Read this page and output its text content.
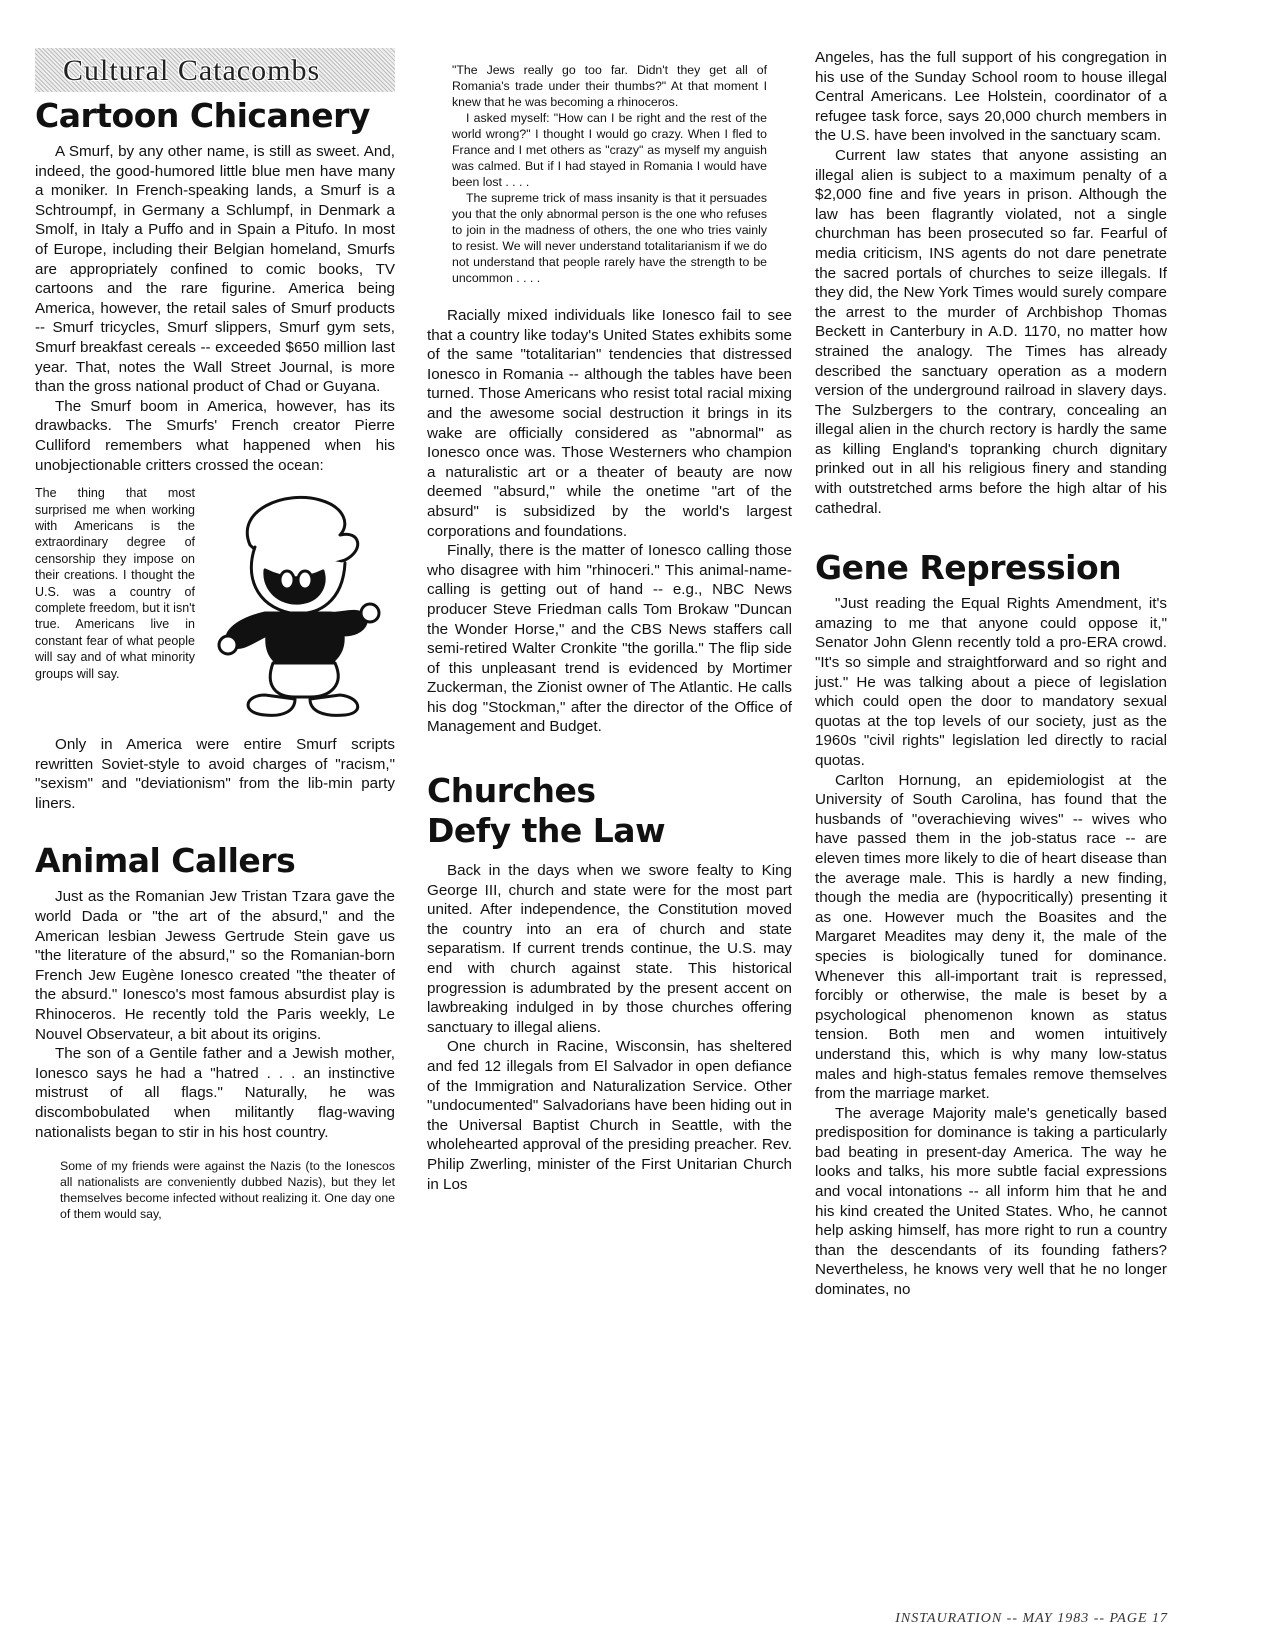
Cultural Catacombs
Cartoon Chicanery

A Smurf, by any other name, is still as sweet. And, indeed, the good-humored little blue men have many a moniker. In French-speaking lands, a Smurf is a Schtroumpf, in Germany a Schlumpf, in Denmark a Smolf, in Italy a Puffo and in Spain a Pitufo. In most of Europe, including their Belgian homeland, Smurfs are appropriately confined to comic books, TV cartoons and the rare figurine. America being America, however, the retail sales of Smurf products -- Smurf tricycles, Smurf slippers, Smurf gym sets, Smurf breakfast cereals -- exceeded $650 million last year. That, notes the Wall Street Journal, is more than the gross national product of Chad or Guyana.

The Smurf boom in America, however, has its drawbacks. The Smurfs' French creator Pierre Culliford remembers what happened when his unobjectionable critters crossed the ocean:

The thing that most surprised me when working with Americans is the extraordinary degree of censorship they impose on their creations. I thought the U.S. was a country of complete freedom, but it isn't true. Americans live in constant fear of what people will say and of what minority groups will say.

Only in America were entire Smurf scripts rewritten Soviet-style to avoid charges of "racism," "sexism" and "deviationism" from the lib-min party liners.

Animal Callers

Just as the Romanian Jew Tristan Tzara gave the world Dada or "the art of the absurd," and the American lesbian Jewess Gertrude Stein gave us "the literature of the absurd," so the Romanian-born French Jew Eugène Ionesco created "the theater of the absurd." Ionesco's most famous absurdist play is Rhinoceros. He recently told the Paris weekly, Le Nouvel Observateur, a bit about its origins.

The son of a Gentile father and a Jewish mother, Ionesco says he had a "hatred . . . an instinctive mistrust of all flags." Naturally, he was discombobulated when militantly flag-waving nationalists began to stir in his host country.

Some of my friends were against the Nazis (to the Ionescos all nationalists are conveniently dubbed Nazis), but they let themselves become infected without realizing it. One day one of them would say,

"The Jews really go too far. Didn't they get all of Romania's trade under their thumbs?" At that moment I knew that he was becoming a rhinoceros.

I asked myself: "How can I be right and the rest of the world wrong?" I thought I would go crazy. When I fled to France and I met others as "crazy" as myself my anguish was calmed. But if I had stayed in Romania I would have been lost . . . .

The supreme trick of mass insanity is that it persuades you that the only abnormal person is the one who refuses to join in the madness of others, the one who tries vainly to resist. We will never understand totalitarianism if we do not understand that people rarely have the strength to be uncommon . . . .

Racially mixed individuals like Ionesco fail to see that a country like today's United States exhibits some of the same "totalitarian" tendencies that distressed Ionesco in Romania -- although the tables have been turned. Those Americans who resist total racial mixing and the awesome social destruction it brings in its wake are officially considered as "abnormal" as Ionesco once was. Those Westerners who champion a naturalistic art or a theater of beauty are now deemed "absurd," while the onetime "art of the absurd" is subsidized by the world's largest corporations and foundations.

Finally, there is the matter of Ionesco calling those who disagree with him "rhinoceri." This animal-name-calling is getting out of hand -- e.g., NBC News producer Steve Friedman calls Tom Brokaw "Duncan the Wonder Horse," and the CBS News staffers call semi-retired Walter Cronkite "the gorilla." The flip side of this unpleasant trend is evidenced by Mortimer Zuckerman, the Zionist owner of The Atlantic. He calls his dog "Stockman," after the director of the Office of Management and Budget.

Churches
Defy the Law

Back in the days when we swore fealty to King George III, church and state were for the most part united. After independence, the Constitution moved the country into an era of church and state separatism. If current trends continue, the U.S. may end with church against state. This historical progression is adumbrated by the present accent on lawbreaking indulged in by those churches offering sanctuary to illegal aliens.

One church in Racine, Wisconsin, has sheltered and fed 12 illegals from El Salvador in open defiance of the Immigration and Naturalization Service. Other "undocumented" Salvadorians have been hiding out in the Universal Baptist Church in Seattle, with the wholehearted approval of the presiding preacher. Rev. Philip Zwerling, minister of the First Unitarian Church in Los

Angeles, has the full support of his congregation in his use of the Sunday School room to house illegal Central Americans. Lee Holstein, coordinator of a refugee task force, says 20,000 church members in the U.S. have been involved in the sanctuary scam.

Current law states that anyone assisting an illegal alien is subject to a maximum penalty of a $2,000 fine and five years in prison. Although the law has been flagrantly violated, not a single churchman has been prosecuted so far. Fearful of media criticism, INS agents do not dare penetrate the sacred portals of churches to seize illegals. If they did, the New York Times would surely compare the arrest to the murder of Archbishop Thomas Beckett in Canterbury in A.D. 1170, no matter how strained the analogy. The Times has already described the sanctuary operation as a modern version of the underground railroad in slavery days. The Sulzbergers to the contrary, concealing an illegal alien in the church rectory is hardly the same as killing England's topranking church dignitary prinked out in all his religious finery and standing with outstretched arms before the high altar of his cathedral.

Gene Repression

"Just reading the Equal Rights Amendment, it's amazing to me that anyone could oppose it," Senator John Glenn recently told a pro-ERA crowd. "It's so simple and straightforward and so right and just." He was talking about a piece of legislation which could open the door to mandatory sexual quotas at the top levels of our society, just as the 1960s "civil rights" legislation led directly to racial quotas.

Carlton Hornung, an epidemiologist at the University of South Carolina, has found that the husbands of "overachieving wives" -- wives who have passed them in the job-status race -- are eleven times more likely to die of heart disease than the average male. This is hardly a new finding, though the media are (hypocritically) presenting it as one. However much the Boasites and the Margaret Meadites may deny it, the male of the species is biologically tuned for dominance. Whenever this all-important trait is repressed, forcibly or otherwise, the male is beset by a psychological phenomenon known as status tension. Both men and women intuitively understand this, which is why many low-status males and high-status females remove themselves from the marriage market.

The average Majority male's genetically based predisposition for dominance is taking a particularly bad beating in present-day America. The way he looks and talks, his more subtle facial expressions and vocal intonations -- all inform him that he and his kind created the United States. Who, he cannot help asking himself, has more right to run a country than the descendants of its founding fathers? Nevertheless, he knows very well that he no longer dominates, no

INSTAURATION -- MAY 1983 -- PAGE 17
